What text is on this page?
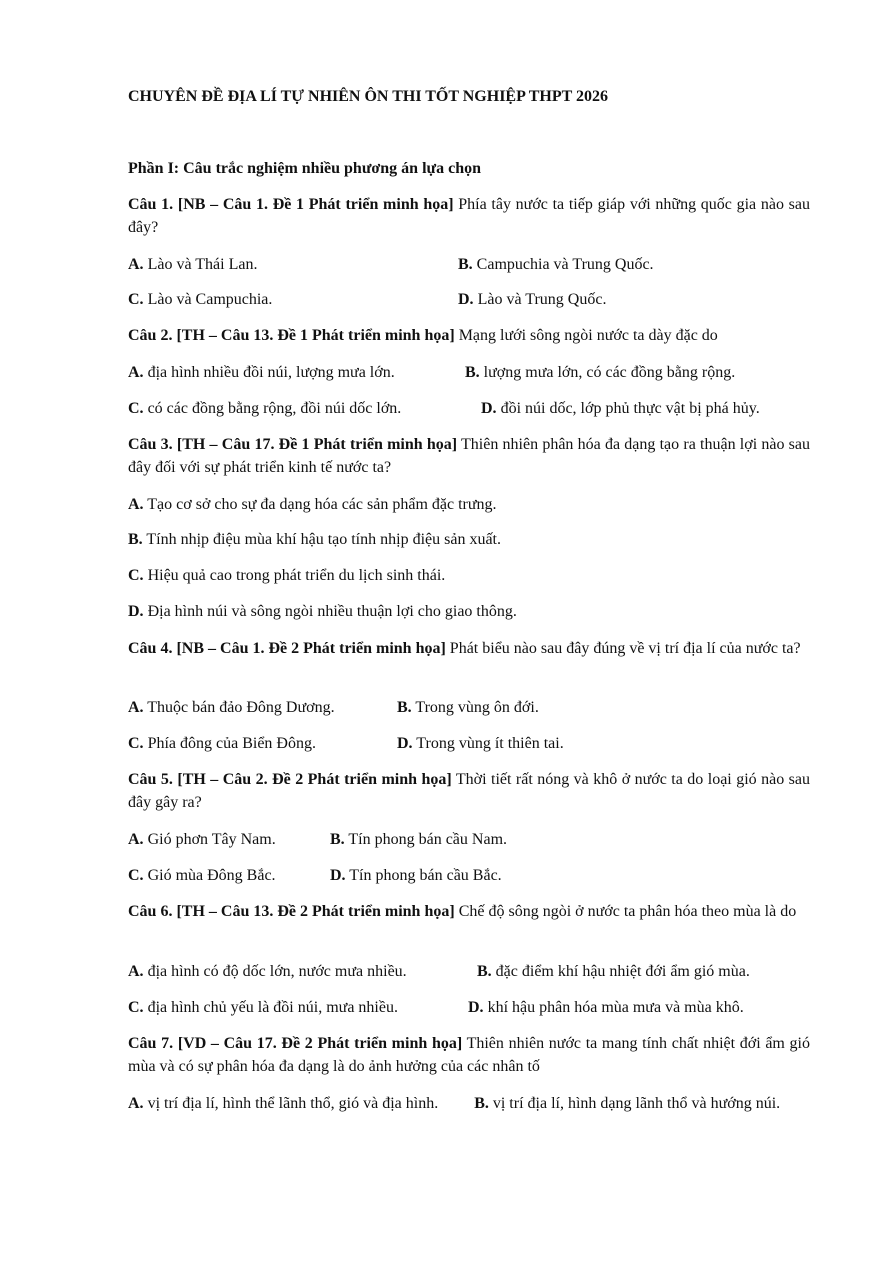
CHUYÊN ĐỀ ĐỊA LÍ TỰ NHIÊN ÔN THI TỐT NGHIỆP THPT 2026
Phần I: Câu trắc nghiệm nhiều phương án lựa chọn
Câu 1. [NB – Câu 1. Đề 1 Phát triển minh họa] Phía tây nước ta tiếp giáp với những quốc gia nào sau đây?
A. Lào và Thái Lan.	B. Campuchia và Trung Quốc.
C. Lào và Campuchia.	D. Lào và Trung Quốc.
Câu 2. [TH – Câu 13. Đề 1 Phát triển minh họa] Mạng lưới sông ngòi nước ta dày đặc do
A. địa hình nhiều đồi núi, lượng mưa lớn.	B. lượng mưa lớn, có các đồng bằng rộng.
C. có các đồng bằng rộng, đồi núi dốc lớn.	D. đồi núi dốc, lớp phủ thực vật bị phá hủy.
Câu 3. [TH – Câu 17. Đề 1 Phát triển minh họa] Thiên nhiên phân hóa đa dạng tạo ra thuận lợi nào sau đây đối với sự phát triển kinh tế nước ta?
A. Tạo cơ sở cho sự đa dạng hóa các sản phẩm đặc trưng.
B. Tính nhịp điệu mùa khí hậu tạo tính nhịp điệu sản xuất.
C. Hiệu quả cao trong phát triển du lịch sinh thái.
D. Địa hình núi và sông ngòi nhiều thuận lợi cho giao thông.
Câu 4. [NB – Câu 1. Đề 2 Phát triển minh họa] Phát biểu nào sau đây đúng về vị trí địa lí của nước ta?
A. Thuộc bán đảo Đông Dương.	B. Trong vùng ôn đới.
C. Phía đông của Biển Đông.	D. Trong vùng ít thiên tai.
Câu 5. [TH – Câu 2. Đề 2 Phát triển minh họa] Thời tiết rất nóng và khô ở nước ta do loại gió nào sau đây gây ra?
A. Gió phơn Tây Nam.	B. Tín phong bán cầu Nam.
C. Gió mùa Đông Bắc.	D. Tín phong bán cầu Bắc.
Câu 6. [TH – Câu 13. Đề 2 Phát triển minh họa] Chế độ sông ngòi ở nước ta phân hóa theo mùa là do
A. địa hình có độ dốc lớn, nước mưa nhiều.	B. đặc điểm khí hậu nhiệt đới ẩm gió mùa.
C. địa hình chủ yếu là đồi núi, mưa nhiều.	D. khí hậu phân hóa mùa mưa và mùa khô.
Câu 7. [VD – Câu 17. Đề 2 Phát triển minh họa] Thiên nhiên nước ta mang tính chất nhiệt đới ẩm gió mùa và có sự phân hóa đa dạng là do ảnh hưởng của các nhân tố
A. vị trí địa lí, hình thể lãnh thổ, gió và địa hình. B. vị trí địa lí, hình dạng lãnh thổ và hướng núi.
